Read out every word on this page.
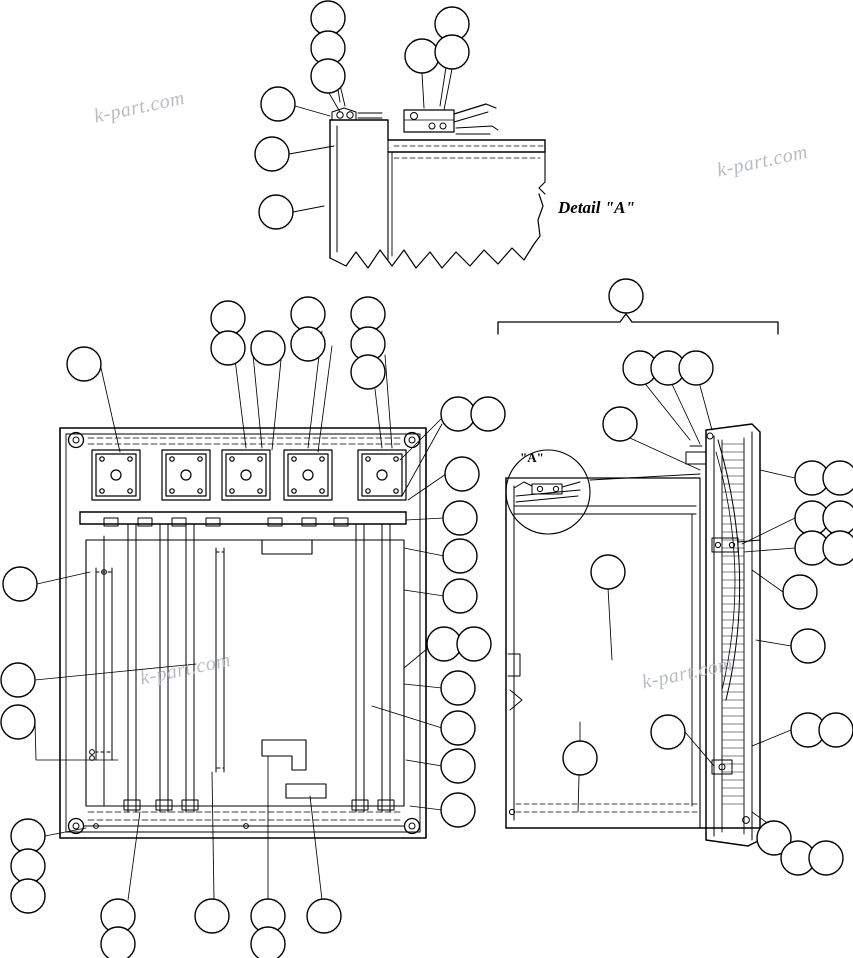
k-part.com
k-part.com
k-part.com	k-part.com
Detail "A"
"A"
